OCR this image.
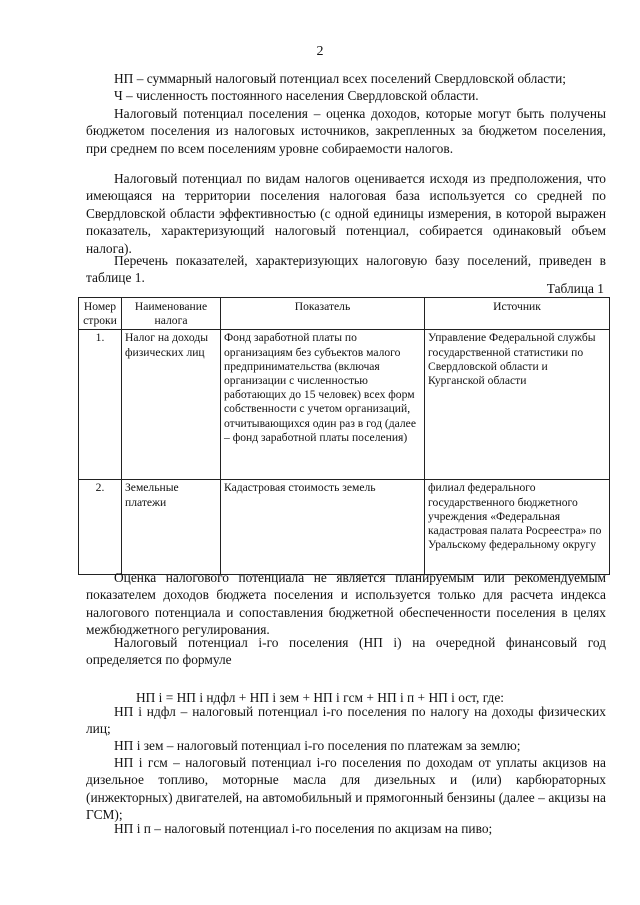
2
НП – суммарный налоговый потенциал всех поселений Свердловской области;
Ч – численность постоянного населения Свердловской области.
Налоговый потенциал поселения – оценка доходов, которые могут быть получены бюджетом поселения из налоговых источников, закрепленных за бюджетом поселения, при среднем по всем поселениям уровне собираемости налогов.
Налоговый потенциал по видам налогов оценивается исходя из предположения, что имеющаяся на территории поселения налоговая база используется со средней по Свердловской области эффективностью (с одной единицы измерения, в которой выражен показатель, характеризующий налоговый потенциал, собирается одинаковый объем налога).
Перечень показателей, характеризующих налоговую базу поселений, приведен в таблице 1.
Таблица 1
Номер строки	Наименование налога	Показатель	Источник
1.	Налог на доходы физических лиц	Фонд заработной платы по организациям без субъектов малого предпринимательства (включая организации с численностью работающих до 15 человек) всех форм собственности с учетом организаций, отчитывающихся один раз в год (далее – фонд заработной платы поселения)	Управление Федеральной службы государственной статистики по Свердловской области и Курганской области
2.	Земельные платежи	Кадастровая стоимость земель	филиал федерального государственного бюджетного учреждения «Федеральная кадастровая палата Росреестра» по Уральскому федеральному округу
Оценка налогового потенциала не является планируемым или рекомендуемым показателем доходов бюджета поселения и используется только для расчета индекса налогового потенциала и сопоставления бюджетной обеспеченности поселения в целях межбюджетного регулирования.
Налоговый потенциал i-го поселения (НП i) на очередной финансовый год определяется по формуле
НП i = НП i ндфл + НП i зем + НП i гсм + НП i п + НП i ост, где:
НП i ндфл – налоговый потенциал i-го поселения по налогу на доходы физических лиц;
НП i зем – налоговый потенциал i-го поселения по платежам за землю;
НП i гсм – налоговый потенциал i-го поселения по доходам от уплаты акцизов на дизельное топливо, моторные масла для дизельных и (или) карбюраторных (инжекторных) двигателей, на автомобильный и прямогонный бензины (далее – акцизы на ГСМ);
НП i п – налоговый потенциал i-го поселения по акцизам на пиво;
